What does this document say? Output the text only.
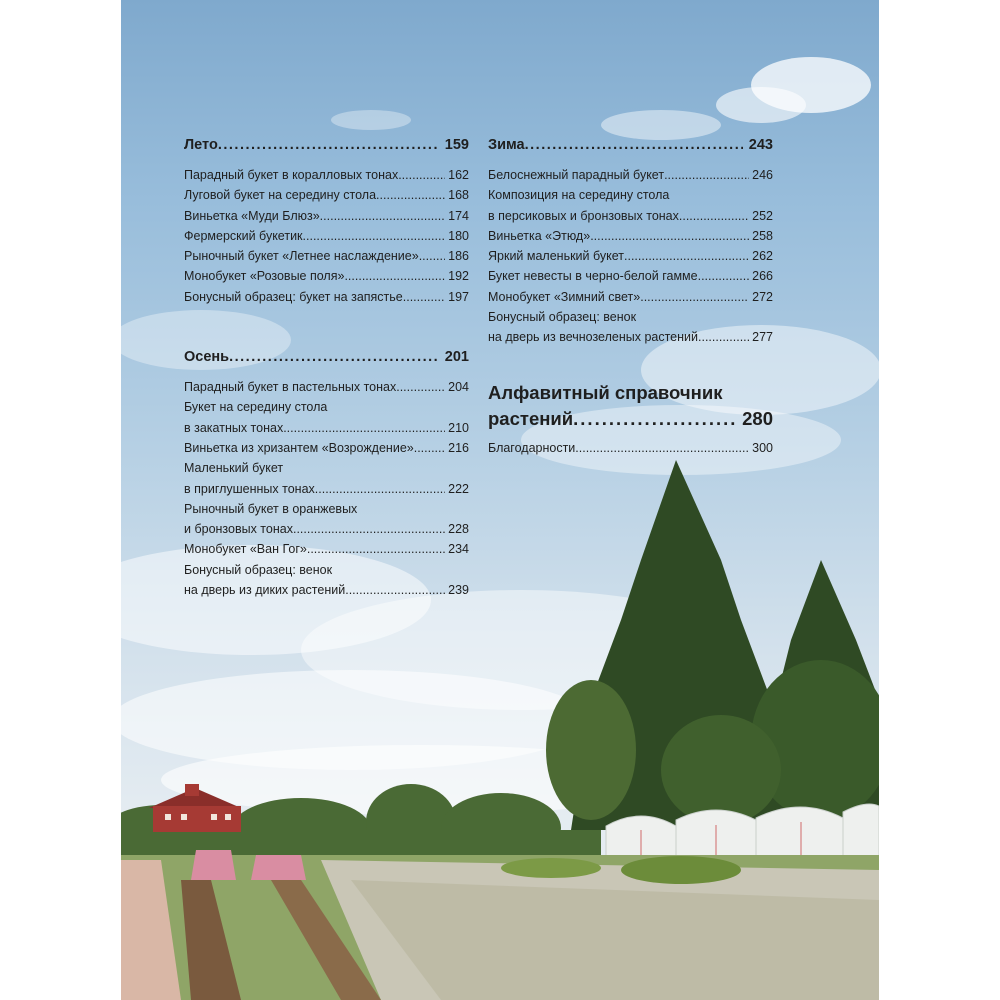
Лето .....	159
Парадный букет в коралловых тонах .....	162
Луговой букет на середину стола .....	168
Виньетка «Муди Блюз» .....	174
Фермерский букетик .....	180
Рыночный букет «Летнее наслаждение» ..... 186
Монобукет «Розовые поля» .....	192
Бонусный образец: букет на запястье .....	197
Осень .....	201
Парадный букет в пастельных тонах .....	204
Букет на середину стола
в закатных тонах .....	210
Виньетка из хризантем «Возрождение» .....	216
Маленький букет
в приглушенных тонах .....	222
Рыночный букет в оранжевых
и бронзовых тонах .....	228
Монобукет «Ван Гог» .....	234
Бонусный образец: венок
на дверь из диких растений .....	239
Зима .....	243
Белоснежный парадный букет .....	246
Композиция на середину стола
в персиковых и бронзовых тонах .....	252
Виньетка «Этюд» .....	258
Яркий маленький букет .....	262
Букет невесты в черно-белой гамме .....	266
Монобукет «Зимний свет» .....	272
Бонусный образец: венок
на дверь из вечнозеленых растений .....	277
Алфавитный справочник
растений .....	280
Благодарности .....	300
